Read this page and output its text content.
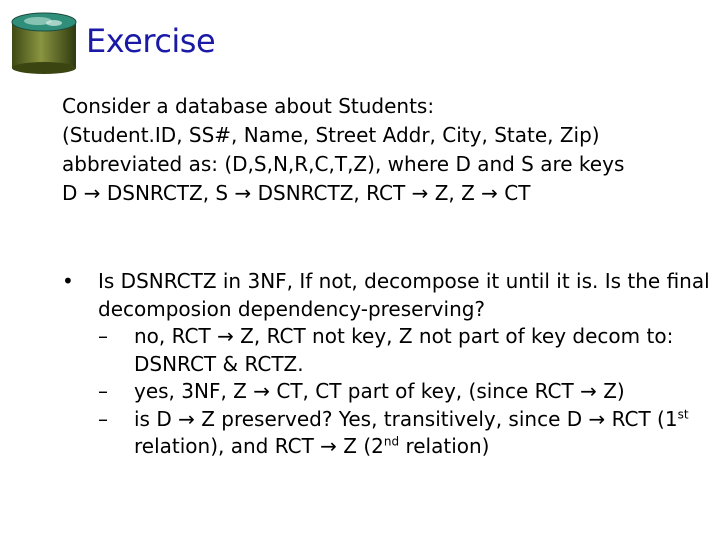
Exercise
Consider a database about Students:
(Student.ID, SS#, Name, Street Addr, City, State, Zip)
abbreviated as: (D,S,N,R,C,T,Z), where D and S are keys
D → DSNRCTZ, S → DSNRCTZ, RCT → Z, Z → CT
• Is DSNRCTZ in 3NF, If not, decompose it until it is. Is the final decomposion dependency-preserving?
– no, RCT → Z, RCT not key, Z not part of key decom to: DSNRCT & RCTZ.
– yes, 3NF, Z → CT, CT part of key, (since RCT → Z)
– is D → Z preserved? Yes, transitively, since D → RCT (1st relation), and RCT → Z (2nd relation)
